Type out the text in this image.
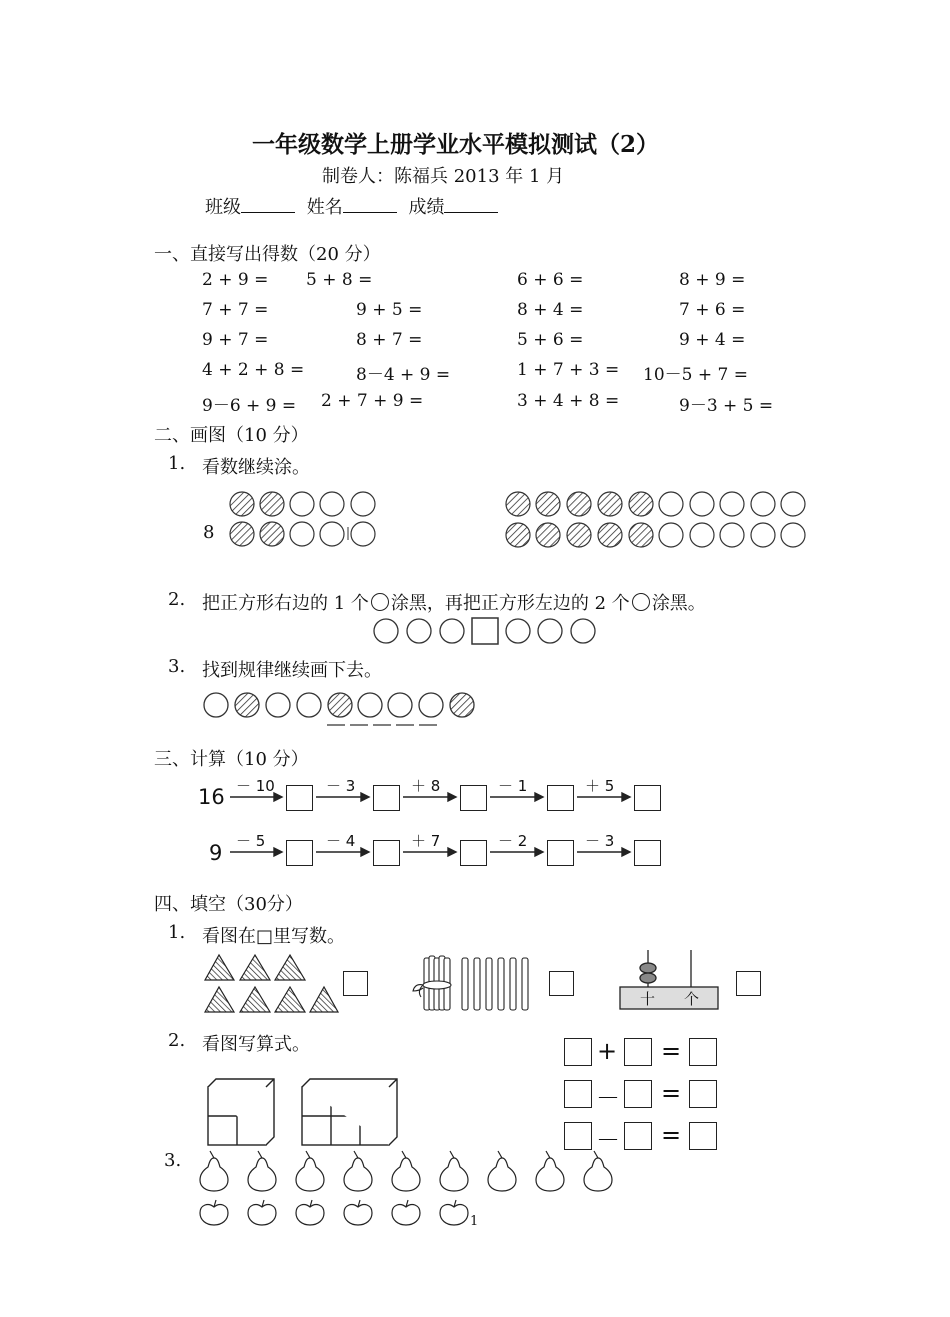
一年级数学上册学业水平模拟测试（2）
制卷人：陈福兵 2013 年 1 月
班级	姓名	成绩
一、直接写出得数（20 分）
2 + 9 = 5 + 8 =	6 + 6 =	8 + 9 =
7 + 7 =	9 + 5 =	8 + 4 =	7 + 6 =
9 + 7 =	8 + 7 =	5 + 6 =	9 + 4 =
4 + 2 + 8 =	8－4 + 9 =	1 + 7 + 3 = 10－5 + 7 =
9－6 + 9 = 2 + 7 + 9 =	3 + 4 + 8 =	9－3 + 5 =
二、画图（10 分）
1. 看数继续涂。
8
2. 把正方形右边的 1 个 涂黑，再把正方形左边的 2 个 涂黑。
3. 找到规律继续画下去。
三、计算（10 分）
16 － 10	－ 3	＋ 8	－ 1	＋ 5
9 － 5	－ 4	＋ 7	－ 2	－ 3
四、填空（30分）
1. 看图在□里写数。
十 个
2. 看图写算式。	+ =
－ =
－ =
3.
1
